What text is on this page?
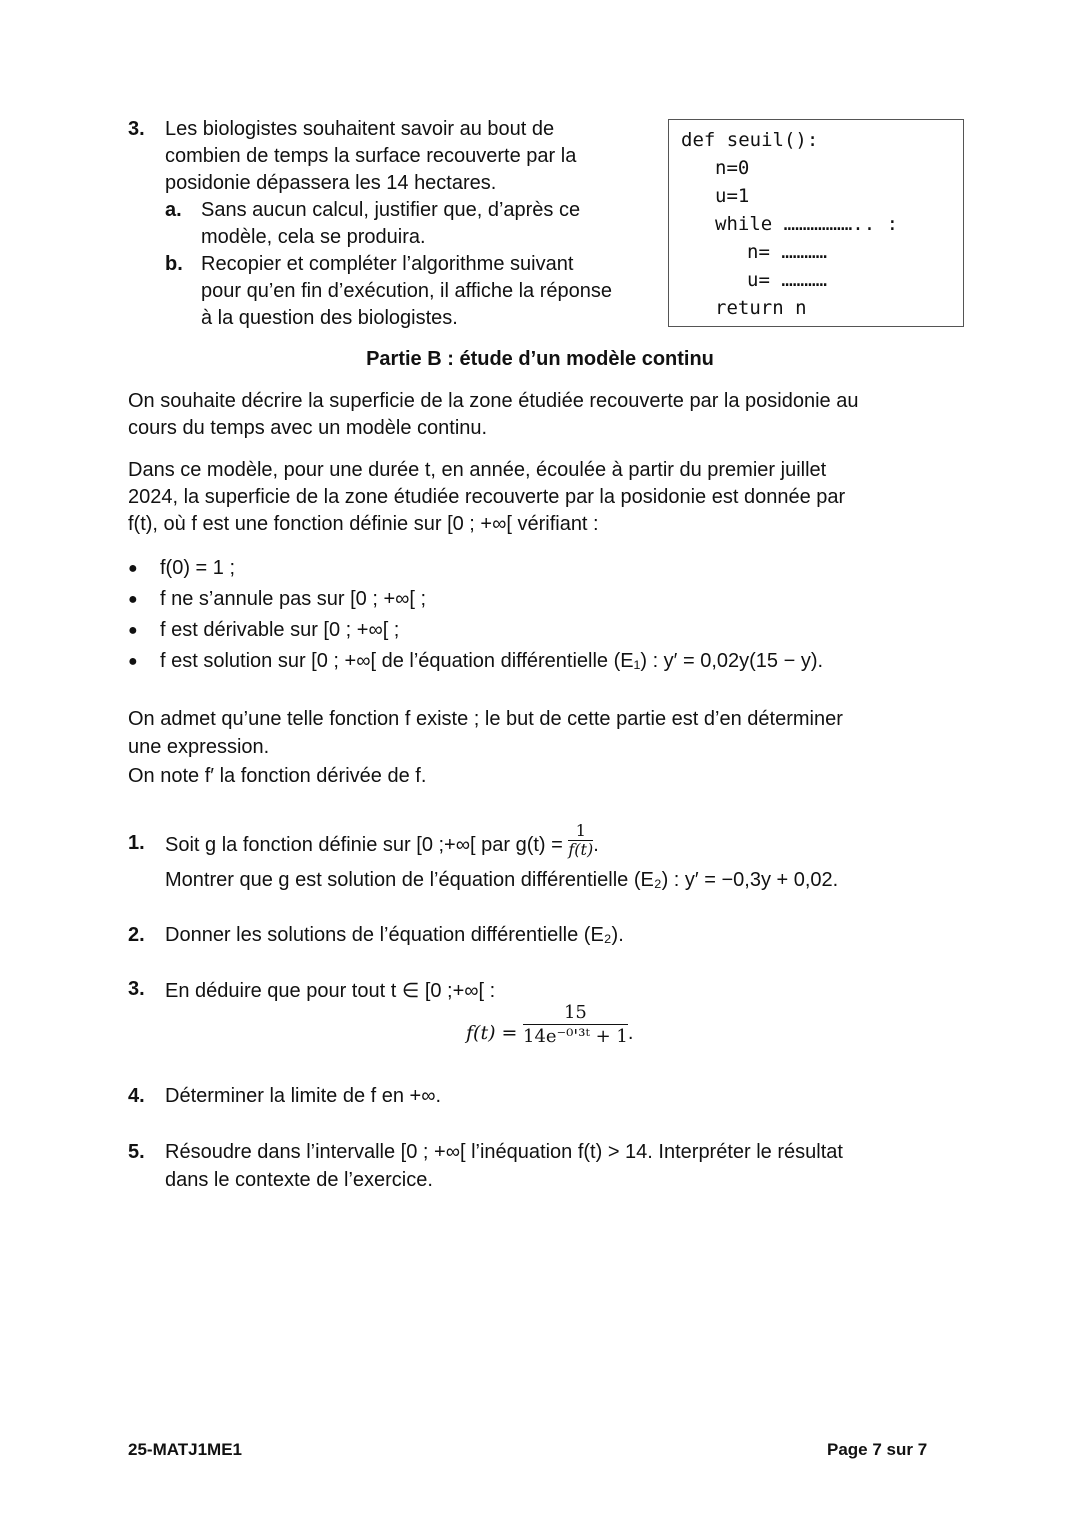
3. Les biologistes souhaitent savoir au bout de
combien de temps la surface recouverte par la
posidonie dépassera les 14 hectares.
a. Sans aucun calcul, justifier que, d’après ce
modèle, cela se produira.
b. Recopier et compléter l’algorithme suivant
pour qu’en fin d’exécution, il affiche la réponse
à la question des biologistes.
def seuil():
n=0
u=1
while ……………….. :
n= …………
u= …………
return n
Partie B : étude d’un modèle continu
On souhaite décrire la superficie de la zone étudiée recouverte par la posidonie au
cours du temps avec un modèle continu.
Dans ce modèle, pour une durée t, en année, écoulée à partir du premier juillet
2024, la superficie de la zone étudiée recouverte par la posidonie est donnée par
f(t), où f est une fonction définie sur [0 ; +∞[ vérifiant :
● f(0) = 1 ;
● f ne s’annule pas sur [0 ; +∞[ ;
● f est dérivable sur [0 ; +∞[ ;
● f est solution sur [0 ; +∞[ de l’équation différentielle (E₁) : y′ = 0,02y(15 − y).
On admet qu’une telle fonction f existe ; le but de cette partie est d’en déterminer
une expression.
On note f′ la fonction dérivée de f.
1. Soit g la fonction définie sur [0 ;+∞[ par $g(t) = \frac{1}{f(t)}$ .
Montrer que g est solution de l’équation différentielle (E₂) : y′ = −0,3y + 0,02.
2. Donner les solutions de l’équation différentielle (E₂).
3. En déduire que pour tout t ∈ [0 ;+∞[ :
$f(t) = \frac{15}{\text{14e⁻⁰'³ᵗ + 1}}$ .
4. Déterminer la limite de f en +∞.
5. Résoudre dans l’intervalle [0 ; +∞[ l’inéquation f(t) > 14. Interpréter le résultat
dans le contexte de l’exercice.
25-MATJ1ME1	Page 7 sur 7
